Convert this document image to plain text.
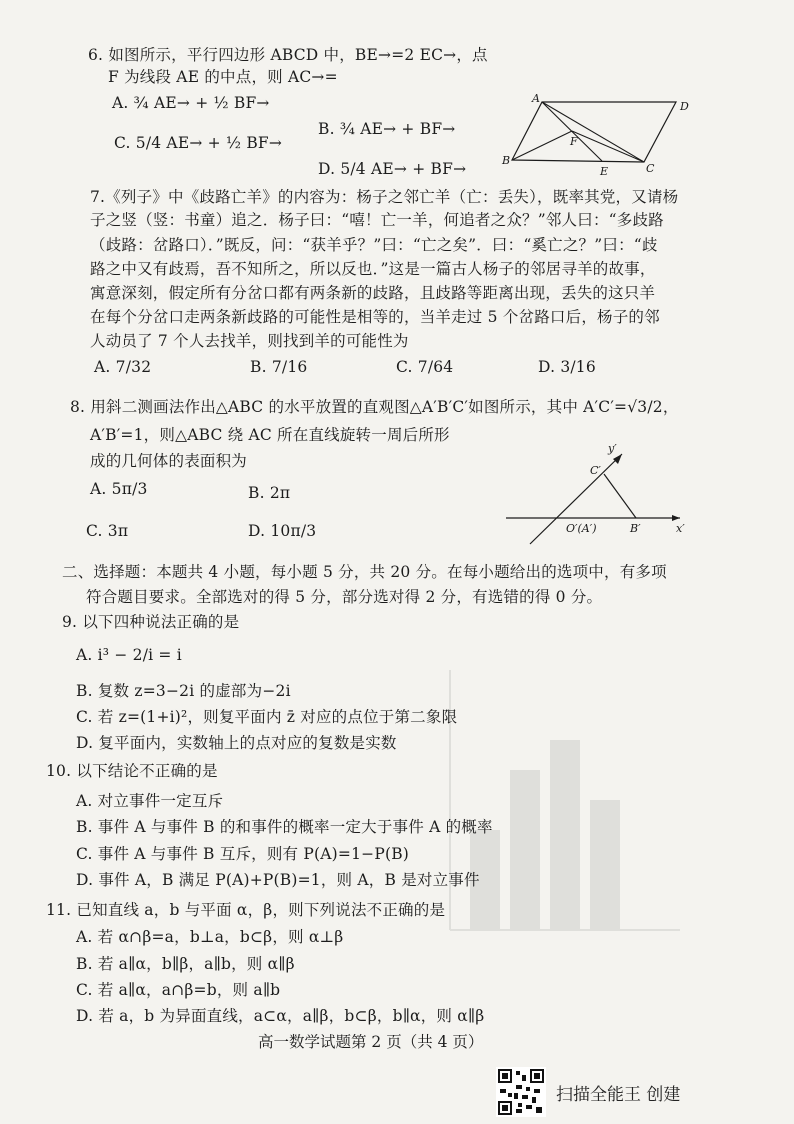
6. 如图所示，平行四边形 ABCD 中，BE→=2 EC→，点
F 为线段 AE 的中点，则 AC→=
A. ¾ AE→ + ½ BF→
C. 5/4 AE→ + ½ BF→
B. ¾ AE→ + BF→
D. 5/4 AE→ + BF→
A
D
B
C
E
F
7.《列子》中《歧路亡羊》的内容为：杨子之邻亡羊（亡：丢失），既率其党，又请杨
子之竖（竖：书童）追之．杨子曰：“嘻！亡一羊，何追者之众？”邻人曰：“多歧路
（歧路：岔路口）．”既反，问：“获羊乎？”曰：“亡之矣”．曰：“奚亡之？”曰：“歧
路之中又有歧焉，吾不知所之，所以反也．”这是一篇古人杨子的邻居寻羊的故事，
寓意深刻，假定所有分岔口都有两条新的歧路，且歧路等距离出现，丢失的这只羊
在每个分岔口走两条新歧路的可能性是相等的，当羊走过 5 个岔路口后，杨子的邻
人动员了 7 个人去找羊，则找到羊的可能性为
A. 7/32	B. 7/16	C. 7/64	D. 3/16
8. 用斜二测画法作出△ABC 的水平放置的直观图△A′B′C′如图所示，其中 A′C′=√3/2，
A′B′=1，则△ABC 绕 AC 所在直线旋转一周后所形
成的几何体的表面积为
A. 5π/3	B. 2π
C. 3π	D. 10π/3
y′
C′
O′(A′)	B′	x′
二、选择题：本题共 4 小题，每小题 5 分，共 20 分。在每小题给出的选项中，有多项
符合题目要求。全部选对的得 5 分，部分选对得 2 分，有选错的得 0 分。
9. 以下四种说法正确的是
A. i³ − 2/i = i
B. 复数 z=3−2i 的虚部为−2i
C. 若 z=(1+i)²，则复平面内 z̄ 对应的点位于第二象限
D. 复平面内，实数轴上的点对应的复数是实数
10. 以下结论不正确的是
A. 对立事件一定互斥
B. 事件 A 与事件 B 的和事件的概率一定大于事件 A 的概率
C. 事件 A 与事件 B 互斥，则有 P(A)=1−P(B)
D. 事件 A，B 满足 P(A)+P(B)=1，则 A，B 是对立事件
11. 已知直线 a，b 与平面 α，β，则下列说法不正确的是
A. 若 α∩β=a，b⊥a，b⊂β，则 α⊥β
B. 若 a∥α，b∥β，a∥b，则 α∥β
C. 若 a∥α，a∩β=b，则 a∥b
D. 若 a，b 为异面直线，a⊂α，a∥β，b⊂β，b∥α，则 α∥β
高一数学试题第 2 页（共 4 页）
扫描全能王 创建
